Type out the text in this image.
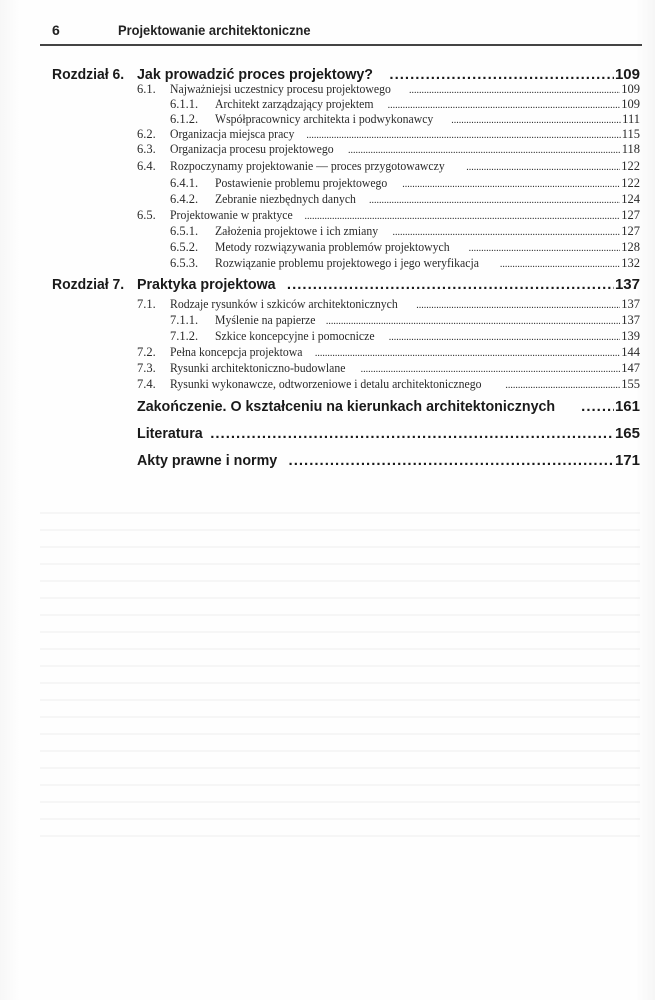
6	Projektowanie architektoniczne
Rozdział 6. Jak prowadzić proces projektowy? .....	109
6.1. Najważniejsi uczestnicy procesu projektowego .....	109
6.1.1. Architekt zarządzający projektem .....	109
6.1.2. Współpracownicy architekta i podwykonawcy .....	111
6.2. Organizacja miejsca pracy .....	115
6.3. Organizacja procesu projektowego .....	118
6.4. Rozpoczynamy projektowanie — proces przygotowawczy .....	122
6.4.1. Postawienie problemu projektowego .....	122
6.4.2. Zebranie niezbędnych danych .....	124
6.5. Projektowanie w praktyce .....	127
6.5.1. Założenia projektowe i ich zmiany .....	127
6.5.2. Metody rozwiązywania problemów projektowych .....	128
6.5.3. Rozwiązanie problemu projektowego i jego weryfikacja .....	132
Rozdział 7. Praktyka projektowa .....	137
7.1. Rodzaje rysunków i szkiców architektonicznych .....	137
7.1.1. Myślenie na papierze .....	137
7.1.2. Szkice koncepcyjne i pomocnicze .....	139
7.2. Pełna koncepcja projektowa .....	144
7.3. Rysunki architektoniczno-budowlane .....	147
7.4. Rysunki wykonawcze, odtworzeniowe i detalu architektonicznego .....	155
Zakończenie. O kształceniu na kierunkach architektonicznych .....	161
Literatura .....	165
Akty prawne i normy .....	171
